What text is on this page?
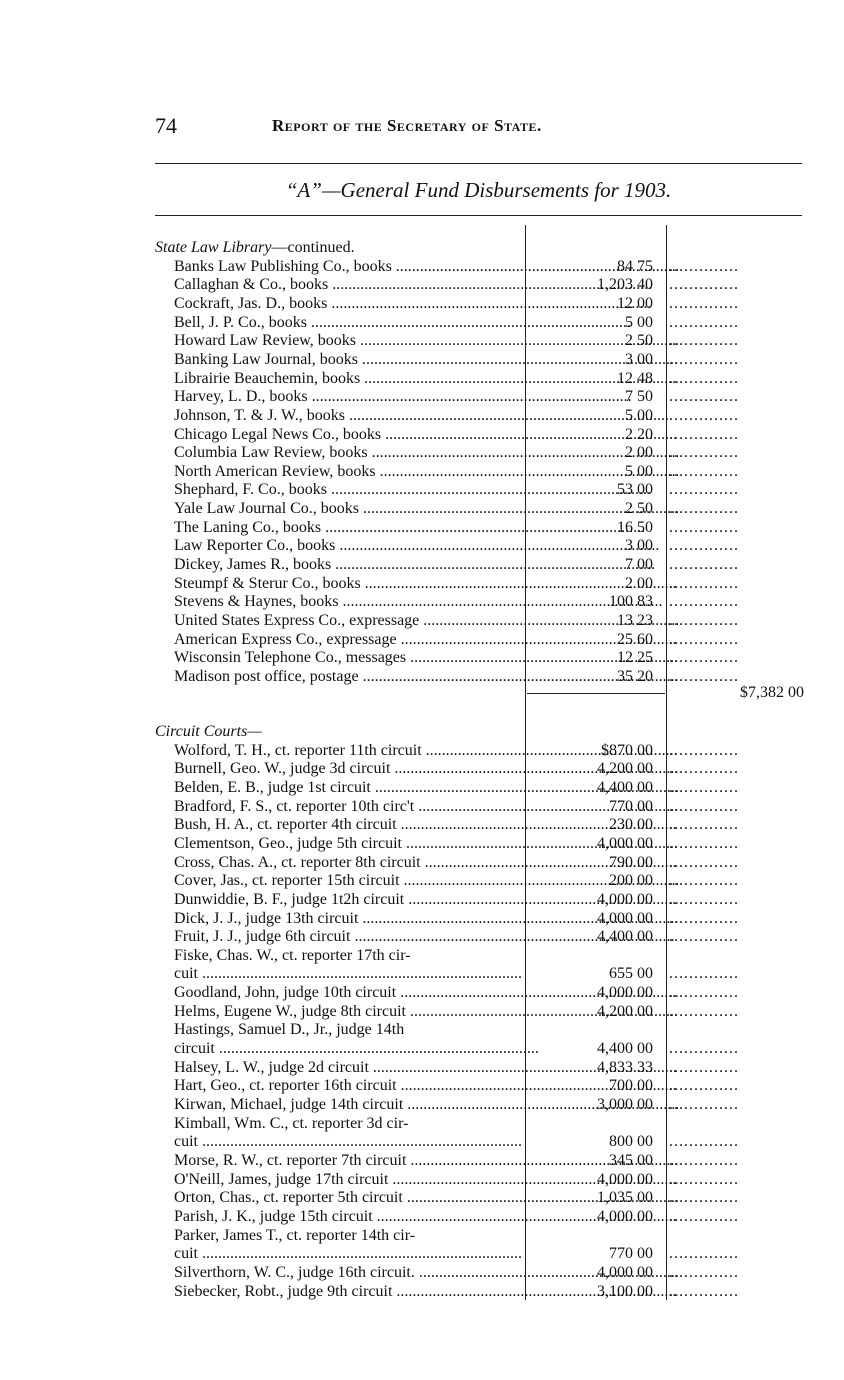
74	Report of the Secretary of State.
“A”—General Fund Disbursements for 1903.
State Law Library—continued.
Banks Law Publishing Co., books .....	84 75 ..............
Callaghan & Co., books .....	1,203 40 ..............
Cockraft, Jas. D., books .....	12 00 ..............
Bell, J. P. Co., books .....	5 00 ..............
Howard Law Review, books .....	2 50 ..............
Banking Law Journal, books .....	3 00 ..............
Librairie Beauchemin, books .....	12 48 ..............
Harvey, L. D., books .....	7 50 ..............
Johnson, T. & J. W., books .....	5 00 ..............
Chicago Legal News Co., books .....	2 20 ..............
Columbia Law Review, books .....	2 00 ..............
North American Review, books .....	5 00 ..............
Shephard, F. Co., books .....	53 00 ..............
Yale Law Journal Co., books .....	2 50 ..............
The Laning Co., books .....	16 50 ..............
Law Reporter Co., books .....	3 00 ..............
Dickey, James R., books .....	7 00 ..............
Steumpf & Sterur Co., books .....	2 00 ..............
Stevens & Haynes, books .....	100 83 ..............
United States Express Co., expressage .....	13 23 ..............
American Express Co., expressage .....	25 60 ..............
Wisconsin Telephone Co., messages .....	12 25 ..............
Madison post office, postage .....	35 20 ..............
$7,382 00
Circuit Courts—
Wolford, T. H., ct. reporter 11th circuit .....	$870 00 ..............
Burnell, Geo. W., judge 3d circuit .....	4,200 00 ..............
Belden, E. B., judge 1st circuit .....	4,400 00 ..............
Bradford, F. S., ct. reporter 10th circ't .....	770 00 ..............
Bush, H. A., ct. reporter 4th circuit .....	230 00 ..............
Clementson, Geo., judge 5th circuit .....	4,000 00 ..............
Cross, Chas. A., ct. reporter 8th circuit .....	790 00 ..............
Cover, Jas., ct. reporter 15th circuit .....	200 00 ..............
Dunwiddie, B. F., judge 1t2h circuit .....	4,000 00 ..............
Dick, J. J., judge 13th circuit .....	4,000 00 ..............
Fruit, J. J., judge 6th circuit .....	4,400 00 ..............
Fiske, Chas. W., ct. reporter 17th cir-
cuit .....	655 00 ..............
Goodland, John, judge 10th circuit .....	4,000 00 ..............
Helms, Eugene W., judge 8th circuit .....	4,200 00 ..............
Hastings, Samuel D., Jr., judge 14th
circuit .....	4,400 00 ..............
Halsey, L. W., judge 2d circuit .....	4,833 33 ..............
Hart, Geo., ct. reporter 16th circuit .....	700 00 ..............
Kirwan, Michael, judge 14th circuit .....	3,000 00 ..............
Kimball, Wm. C., ct. reporter 3d cir-
cuit .....	800 00 ..............
Morse, R. W., ct. reporter 7th circuit .....	345 00 ..............
O'Neill, James, judge 17th circuit .....	4,000 00 ..............
Orton, Chas., ct. reporter 5th circuit .....	1,035 00 ..............
Parish, J. K., judge 15th circuit .....	4,000 00 ..............
Parker, James T., ct. reporter 14th cir-
cuit .....	770 00 ..............
Silverthorn, W. C., judge 16th circuit. .....	4,000 00 ..............
Siebecker, Robt., judge 9th circuit .....	3,100 00 ..............
